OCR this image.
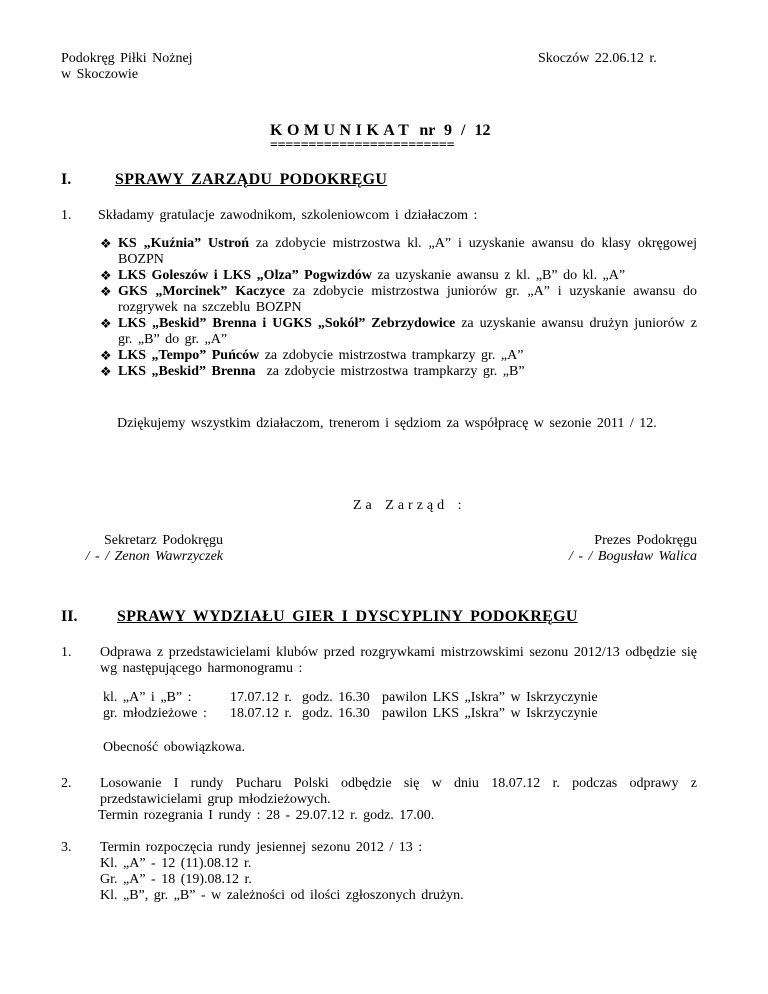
Podokręg Piłki Nożnej

w Skoczowie

Skoczów 22.06.12 r.
KOMUNIKAT nr 9 / 12
========================
I.	SPRAWY ZARZĄDU PODOKRĘGU
1. Składamy gratulacje zawodnikom, szkoleniowcom i działaczom :
❖ KS „Kuźnia” Ustroń za zdobycie mistrzostwa kl. „A” i uzyskanie awansu do klasy okręgowej BOZPN
❖ LKS Goleszów i LKS „Olza” Pogwizdów za uzyskanie awansu z kl. „B” do kl. „A”
❖ GKS „Morcinek” Kaczyce za zdobycie mistrzostwa juniorów gr. „A” i uzyskanie awansu do rozgrywek na szczeblu BOZPN
❖ LKS „Beskid” Brenna i UGKS „Sokół” Zebrzydowice za uzyskanie awansu drużyn juniorów z gr. „B” do gr. „A”
❖ LKS „Tempo” Puńców za zdobycie mistrzostwa trampkarzy gr. „A”
❖ LKS „Beskid” Brenna  za zdobycie mistrzostwa trampkarzy gr. „B”
Dziękujemy wszystkim działaczom, trenerom i sędziom za współpracę w sezonie 2011 / 12.
Za Zarząd :

Sekretarz Podokręgu

/ - / Zenon Wawrzyczek

Prezes Podokręgu

/ - / Bogusław Walica

II. SPRAWY WYDZIAŁU GIER I DYSCYPLINY PODOKRĘGU
1. Odprawa z przedstawicielami klubów przed rozgrywkami mistrzowskimi sezonu 2012/13 odbędzie się wg następującego harmonogramu :
kl. „A” i „B” :	17.07.12 r.	godz. 16.30	pawilon LKS „Iskra” w Iskrzyczynie
gr. młodzieżowe :	18.07.12 r.	godz. 16.30	pawilon LKS „Iskra” w Iskrzyczynie
Obecność obowiązkowa.
2. Losowanie I rundy Pucharu Polski odbędzie się w dniu 18.07.12 r. podczas odprawy z przedstawicielami grup młodzieżowych.
Termin rozegrania I rundy : 28 - 29.07.12 r. godz. 17.00.
3. Termin rozpoczęcia rundy jesiennej sezonu 2012 / 13 :

Kl. „A” - 12 (11).08.12 r.

Gr. „A” - 18 (19).08.12 r.

Kl. „B”, gr. „B” - w zależności od ilości zgłoszonych drużyn.
